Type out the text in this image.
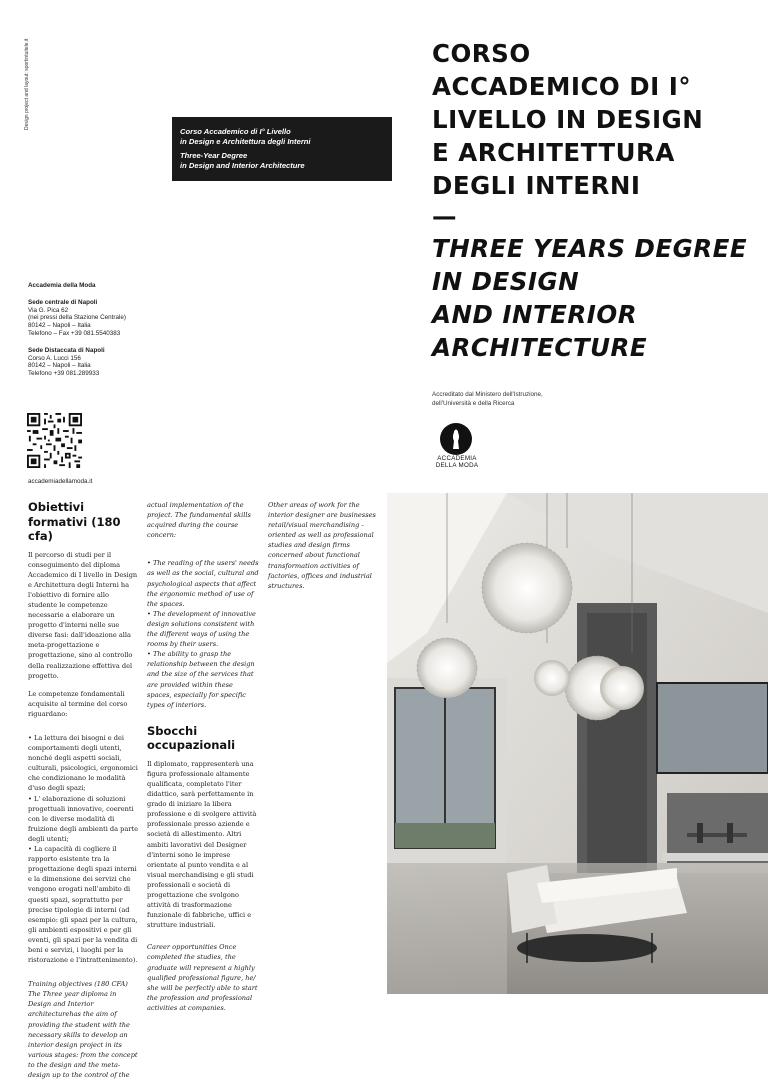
Design project and layout: sportintuitele.it

Corso Accademico di I° Livello
in Design e Architettura degli Interni

Three-Year Degree
in Design and Interior Architecture

CORSO
ACCADEMICO DI I°
LIVELLO IN DESIGN
E ARCHITETTURA
DEGLI INTERNI
—
THREE YEARS DEGREE
IN DESIGN
AND INTERIOR
ARCHITECTURE
Accreditato dal Ministero dell'Istruzione,
dell'Università e della Ricerca
Accademia della Moda
Sede centrale di Napoli
Via G. Pica 62
(nei pressi della Stazione Centrale)
80142 – Napoli – Italia
Telefono – Fax +39 081.5540383
Sede Distaccata di Napoli
Corso A. Lucci 156
80142 – Napoli – Italia
Telefono +39 081.289933
accademiadellamoda.it
ACCADEMIA
DELLA MODA
Obiettivi formativi (180 cfa)

Il percorso di studi per il conseguimento del diploma Accademico di I livello in Design e Architettura degli Interni ha l'obiettivo di fornire allo studente le competenze necessarie a elaborare un progetto d'interni nelle sue diverse fasi: dall'ideazione alla meta-progettazione e progettazione, sino al controllo della realizzazione effettiva del progetto.

Le competenze fondamentali acquisite al termine del corso riguardano:

• La lettura dei bisogni e dei comportamenti degli utenti, nonché degli aspetti sociali, culturali, psicologici, ergonomici che condizionano le modalità d'uso degli spazi;

• L' elaborazione di soluzioni progettuali innovative, coerenti con le diverse modalità di fruizione degli ambienti da parte degli utenti;

• La capacità di cogliere il rapporto esistente tra la progettazione degli spazi interni e la dimensione dei servizi che vengono erogati nell'ambito di questi spazi, soprattutto per precise tipologie di interni (ad esempio: gli spazi per la cultura, gli ambienti espositivi e per gli eventi, gli spazi per la vendita di beni e servizi, i luoghi per la ristorazione e l'intrattenimento).

Training objectives (180 CFA) The Three year diploma in Design and Interior architecturehas the aim of providing the student with the necessary skills to develop an interior design project in its various stages: from the concept to the design and the meta-design up to the control of the

actual implementation of the project. The fundamental skills acquired during the course concern:

• The reading of the users' needs as well as the social, cultural and psychological aspects that affect the ergonomic method of use of the spaces.

• The development of innovative design solutions consistent with the different ways of using the rooms by their users.

• The ability to grasp the relationship between the design and the size of the services that are provided within these spaces, especially for specific types of interiors.

Sbocchi occupazionali

Il diplomato, rappresenterà una figura professionale altamente qualificata, completato l'iter didattico, sarà perfettamente in grado di iniziare la libera professione e di svolgere attività professionale presso aziende e società di allestimento. Altri ambiti lavorativi del Designer d'interni sono le imprese orientate al punto vendita e al visual merchandising e gli studi professionali e società di progettazione che svolgono attività di trasformazione funzionale di fabbriche, uffici e strutture industriali.

Career opportunities Once completed the studies, the graduate will represent a highly qualified professional figure, he/ she will be perfectly able to start the profession and professional activities at companies.

Other areas of work for the interior designer are businesses retail/visual merchandising -oriented as well as professional studies and design firms concerned about functional transformation activities of factories, offices and industrial structures.
